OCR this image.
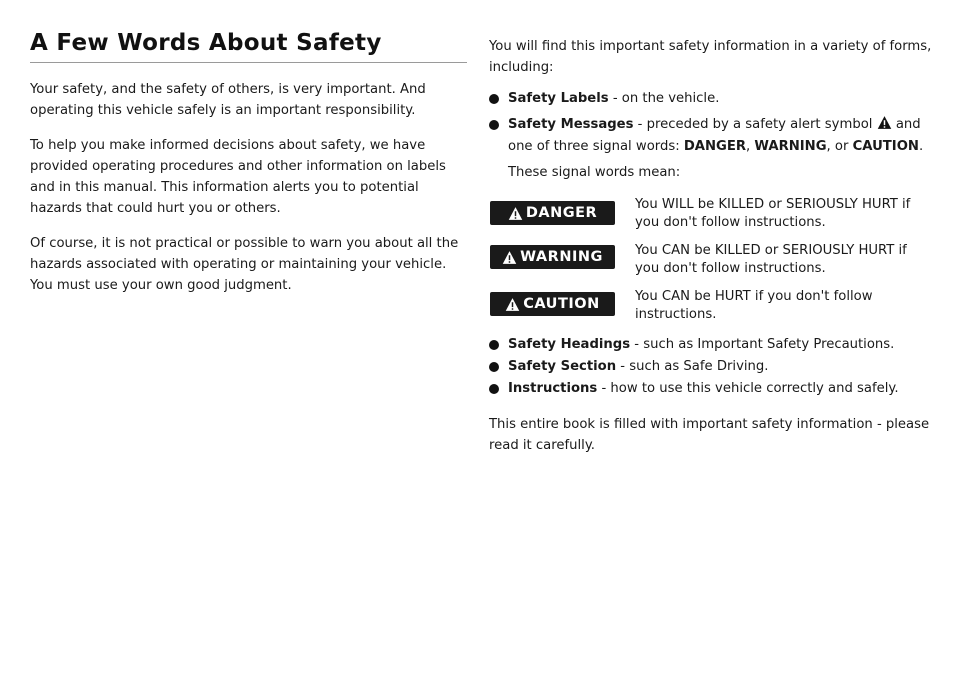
A Few Words About Safety

Your safety, and the safety of others, is very important. And operating this vehicle safely is an important responsibility.

To help you make informed decisions about safety, we have provided operating procedures and other information on labels and in this manual. This information alerts you to potential hazards that could hurt you or others.

Of course, it is not practical or possible to warn you about all the hazards associated with operating or maintaining your vehicle. You must use your own good judgment.

You will find this important safety information in a variety of forms, including:

Safety Labels - on the vehicle.
Safety Messages - preceded by a safety alert symbol  and one of three signal words: DANGER, WARNING, or CAUTION.
These signal words mean:
DANGER	You WILL be KILLED or SERIOUSLY HURT if you don't follow instructions.
WARNING You CAN be KILLED or SERIOUSLY HURT if you don't follow instructions.
CAUTION	You CAN be HURT if you don't follow instructions.
Safety Headings - such as Important Safety Precautions.
Safety Section - such as Safe Driving.
Instructions - how to use this vehicle correctly and safely.

This entire book is filled with important safety information - please read it carefully.
